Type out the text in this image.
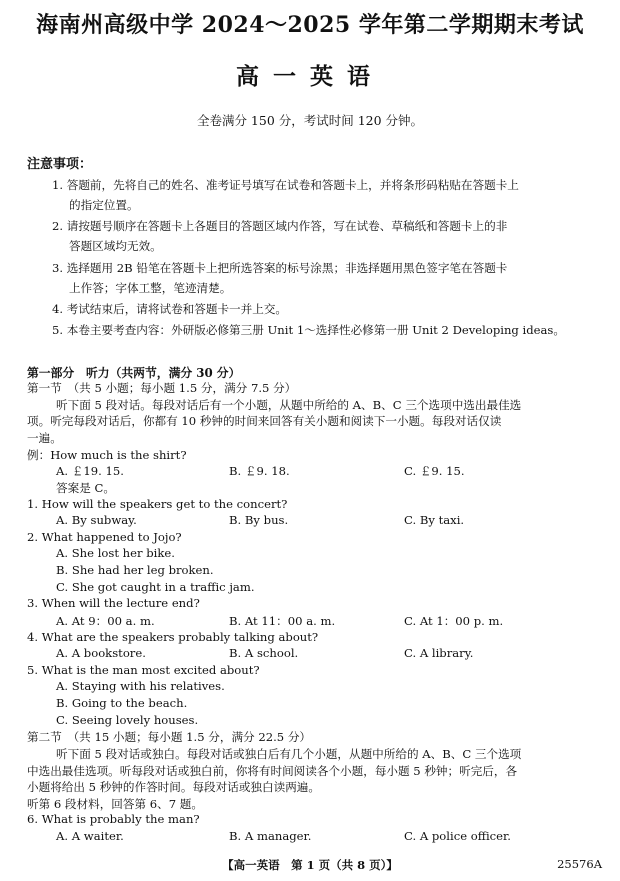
海南州高级中学 2024～2025 学年第二学期期末考试
高一英语
全卷满分 150 分，考试时间 120 分钟。
注意事项：
1. 答题前，先将自己的姓名、准考证号填写在试卷和答题卡上，并将条形码粘贴在答题卡上
的指定位置。
2. 请按题号顺序在答题卡上各题目的答题区域内作答，写在试卷、草稿纸和答题卡上的非
答题区域均无效。
3. 选择题用 2B 铅笔在答题卡上把所选答案的标号涂黑；非选择题用黑色签字笔在答题卡
上作答；字体工整，笔迹清楚。
4. 考试结束后，请将试卷和答题卡一并上交。
5. 本卷主要考查内容：外研版必修第三册 Unit 1～选择性必修第一册 Unit 2 Developing ideas。
第一部分　听力（共两节，满分 30 分）
第一节　（共 5 小题；每小题 1.5 分，满分 7.5 分）
听下面 5 段对话。每段对话后有一个小题，从题中所给的 A、B、C 三个选项中选出最佳选
项。听完每段对话后，你都有 10 秒钟的时间来回答有关小题和阅读下一小题。每段对话仅读
一遍。
例：How much is the shirt?
A. ￡19. 15.	B. ￡9. 18.	C. ￡9. 15.
答案是 C。
1. How will the speakers get to the concert?
A. By subway.	B. By bus.	C. By taxi.
2. What happened to Jojo?
A. She lost her bike.
B. She had her leg broken.
C. She got caught in a traffic jam.
3. When will the lecture end?
A. At 9：00 a. m.	B. At 11：00 a. m.	C. At 1：00 p. m.
4. What are the speakers probably talking about?
A. A bookstore.	B. A school.	C. A library.
5. What is the man most excited about?
A. Staying with his relatives.
B. Going to the beach.
C. Seeing lovely houses.
第二节　（共 15 小题；每小题 1.5 分，满分 22.5 分）
听下面 5 段对话或独白。每段对话或独白后有几个小题，从题中所给的 A、B、C 三个选项
中选出最佳选项。听每段对话或独白前，你将有时间阅读各个小题，每小题 5 秒钟；听完后，各
小题将给出 5 秒钟的作答时间。每段对话或独白读两遍。
听第 6 段材料，回答第 6、7 题。
6. What is probably the man?
A. A waiter.	B. A manager.	C. A police officer.
【高一英语　第 1 页（共 8 页）】	25576A
